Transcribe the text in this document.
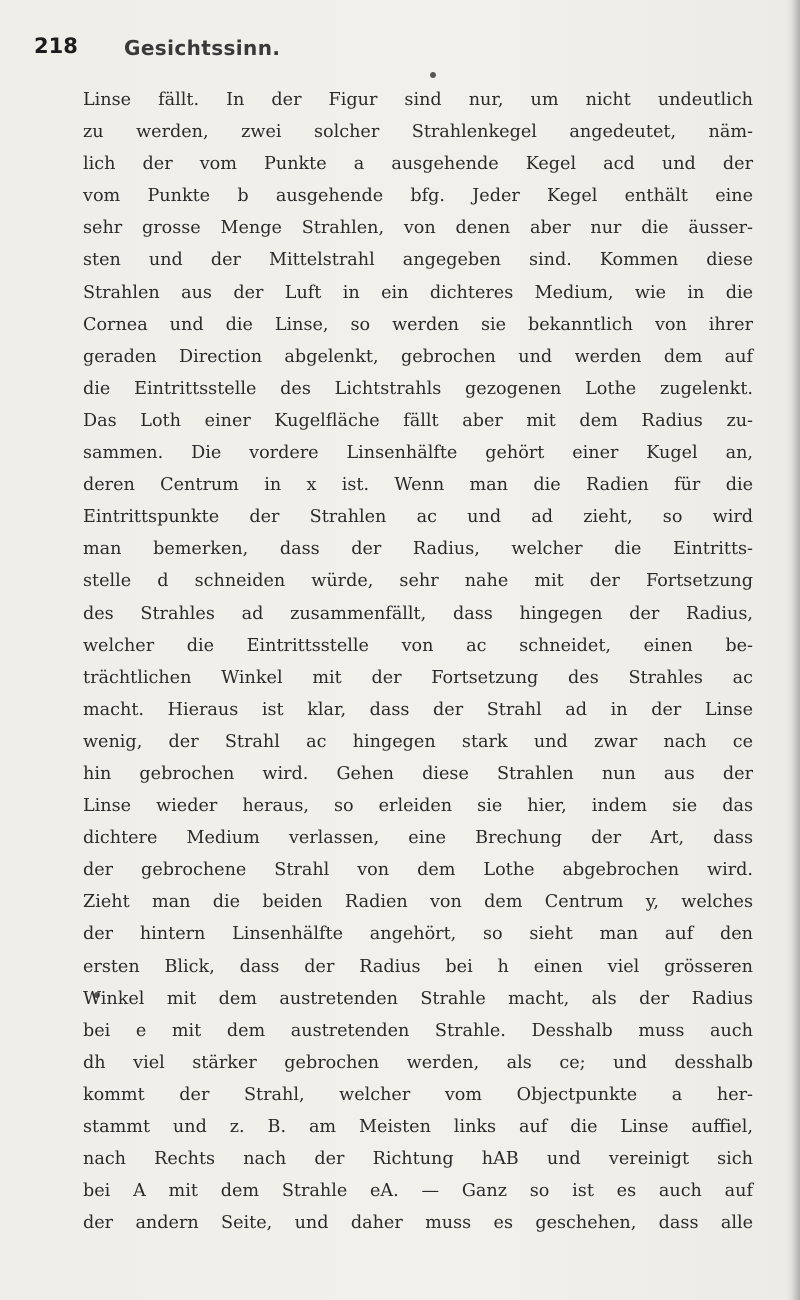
218 Gesichtssinn.
Linse fällt. In der Figur sind nur, um nicht undeutlich
zu werden, zwei solcher Strahlenkegel angedeutet, näm-
lich der vom Punkte a ausgehende Kegel acd und der
vom Punkte b ausgehende bfg. Jeder Kegel enthält eine
sehr grosse Menge Strahlen, von denen aber nur die äusser-
sten und der Mittelstrahl angegeben sind. Kommen diese
Strahlen aus der Luft in ein dichteres Medium, wie in die
Cornea und die Linse, so werden sie bekanntlich von ihrer
geraden Direction abgelenkt, gebrochen und werden dem auf
die Eintrittsstelle des Lichtstrahls gezogenen Lothe zugelenkt.
Das Loth einer Kugelfläche fällt aber mit dem Radius zu-
sammen. Die vordere Linsenhälfte gehört einer Kugel an,
deren Centrum in x ist. Wenn man die Radien für die
Eintrittspunkte der Strahlen ac und ad zieht, so wird
man bemerken, dass der Radius, welcher die Eintritts-
stelle d schneiden würde, sehr nahe mit der Fortsetzung
des Strahles ad zusammenfällt, dass hingegen der Radius,
welcher die Eintrittsstelle von ac schneidet, einen be-
trächtlichen Winkel mit der Fortsetzung des Strahles ac
macht. Hieraus ist klar, dass der Strahl ad in der Linse
wenig, der Strahl ac hingegen stark und zwar nach ce
hin gebrochen wird. Gehen diese Strahlen nun aus der
Linse wieder heraus, so erleiden sie hier, indem sie das
dichtere Medium verlassen, eine Brechung der Art, dass
der gebrochene Strahl von dem Lothe abgebrochen wird.
Zieht man die beiden Radien von dem Centrum y, welches
der hintern Linsenhälfte angehört, so sieht man auf den
ersten Blick, dass der Radius bei h einen viel grösseren
Winkel mit dem austretenden Strahle macht, als der Radius
bei e mit dem austretenden Strahle. Desshalb muss auch
dh viel stärker gebrochen werden, als ce; und desshalb
kommt der Strahl, welcher vom Objectpunkte a her-
stammt und z. B. am Meisten links auf die Linse auffiel,
nach Rechts nach der Richtung hAB und vereinigt sich
bei A mit dem Strahle eA. — Ganz so ist es auch auf
der andern Seite, und daher muss es geschehen, dass alle
